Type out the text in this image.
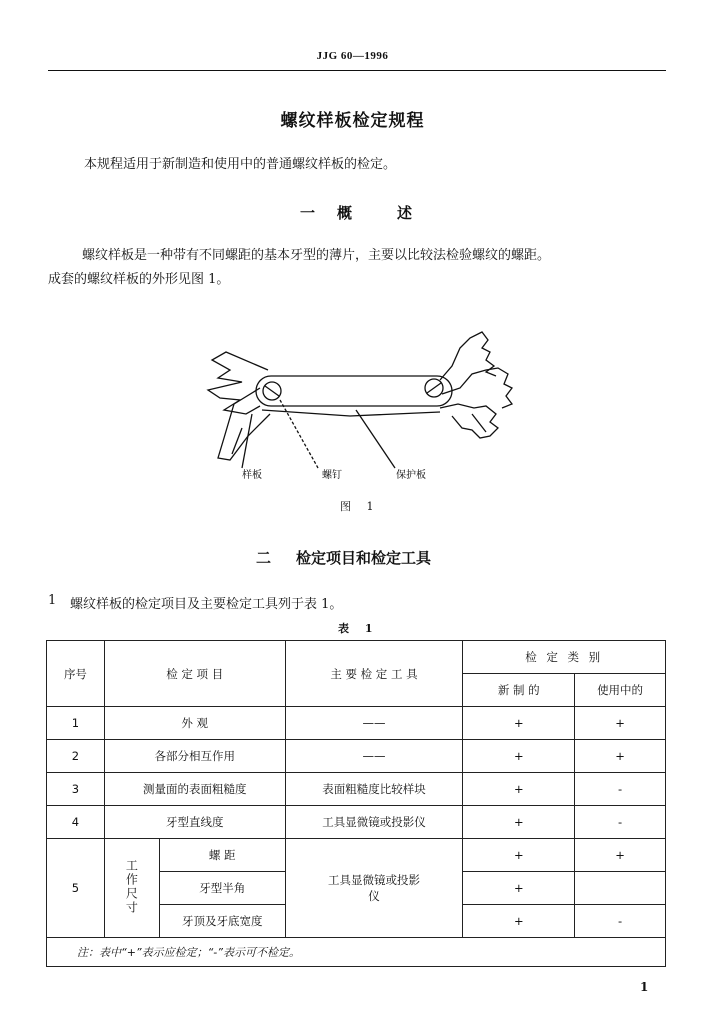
JJG 60—1996
螺纹样板检定规程
本规程适用于新制造和使用中的普通螺纹样板的检定。
一 概	述
螺纹样板是一种带有不同螺距的基本牙型的薄片，主要以比较法检验螺纹的螺距。
成套的螺纹样板的外形见图 1。
样板	螺钉	保护板
图 1
二 检定项目和检定工具
1 螺纹样板的检定项目及主要检定工具列于表 1。
表 1
序号	检 定 项 目		主 要 检 定 工 具	检 定 类 别	
				新 制 的	使用中的
1	外 观		——	+	+
2	各部分相互作用		——	+	+
3	测量面的表面粗糙度		表面粗糙度比较样块	+	-
4	牙型直线度		工具显微镜或投影仪	+	-
5	工作尺寸	螺 距	工具显微镜或投影仪	+	+
		牙型半角		+	
		牙顶及牙底宽度		+	-
注：表中“+”表示应检定；“-”表示可不检定。					
1
